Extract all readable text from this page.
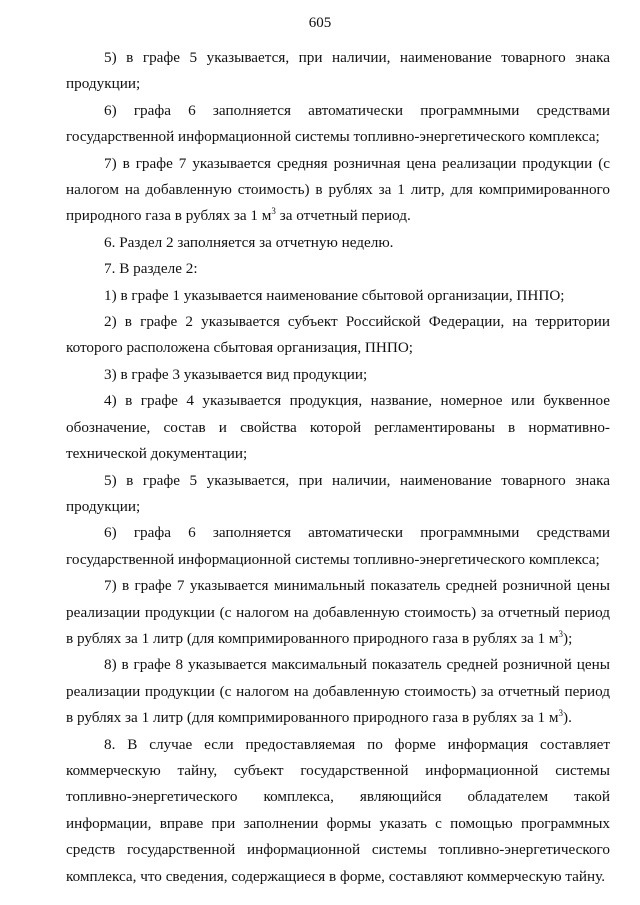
605

5) в графе 5 указывается, при наличии, наименование товарного знака продукции;

6) графа 6 заполняется автоматически программными средствами государственной информационной системы топливно-энергетического комплекса;

7) в графе 7 указывается средняя розничная цена реализации продукции (с налогом на добавленную стоимость) в рублях за 1 литр, для компримированного природного газа в рублях за 1 $м^3$ за отчетный период.

6. Раздел 2 заполняется за отчетную неделю.

7. В разделе 2:

1) в графе 1 указывается наименование сбытовой организации, ПНПО;

2) в графе 2 указывается субъект Российской Федерации, на территории которого расположена сбытовая организация, ПНПО;

3) в графе 3 указывается вид продукции;

4) в графе 4 указывается продукция, название, номерное или буквенное обозначение, состав и свойства которой регламентированы в нормативно-технической документации;

5) в графе 5 указывается, при наличии, наименование товарного знака продукции;

6) графа 6 заполняется автоматически программными средствами государственной информационной системы топливно-энергетического комплекса;

7) в графе 7 указывается минимальный показатель средней розничной цены реализации продукции (с налогом на добавленную стоимость) за отчетный период в рублях за 1 литр (для компримированного природного газа в рублях за 1 $м^3$);

8) в графе 8 указывается максимальный показатель средней розничной цены реализации продукции (с налогом на добавленную стоимость) за отчетный период в рублях за 1 литр (для компримированного природного газа в рублях за 1 $м^3$).

8. В случае если предоставляемая по форме информация составляет коммерческую тайну, субъект государственной информационной системы топливно-энергетического комплекса, являющийся обладателем такой информации, вправе при заполнении формы указать с помощью программных средств государственной информационной системы топливно-энергетического комплекса, что сведения, содержащиеся в форме, составляют коммерческую тайну.
